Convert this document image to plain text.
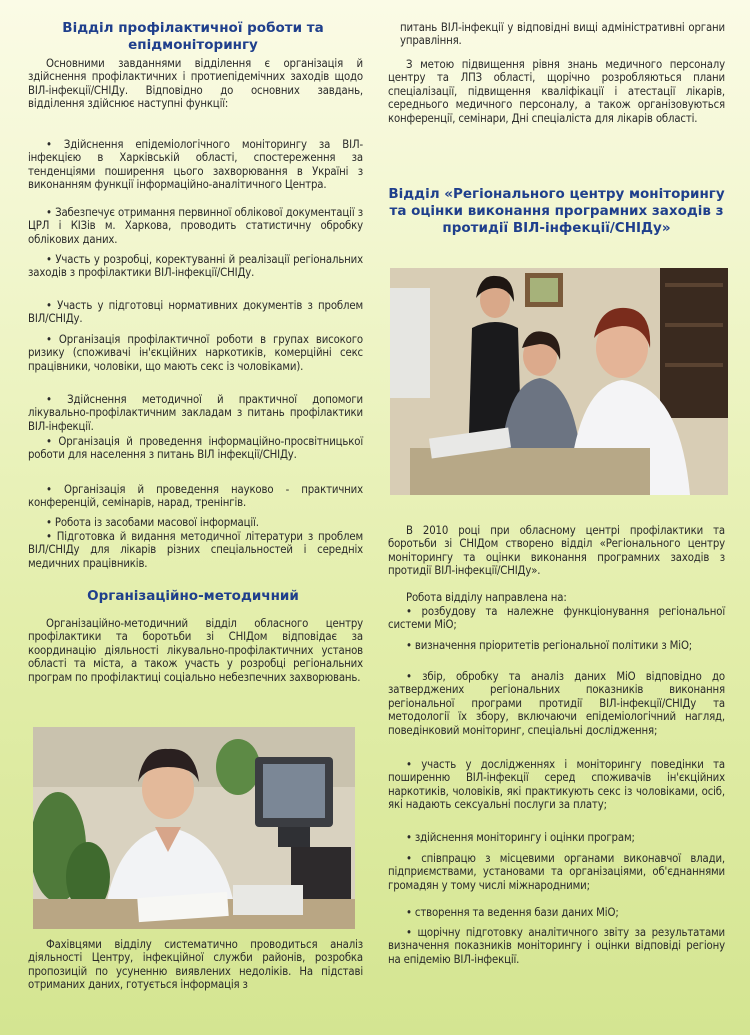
Відділ профілактичної роботи та епідмоніторингу

Основними завданнями відділення є організація й здійснення профілактичних і протиепідемічних заходів щодо ВІЛ-інфекції/СНІДу. Відповідно до основних завдань, відділення здійснює наступні функції:

• Здійснення епідеміологічного моніторингу за ВІЛ-інфекцією в Харківській області, спостереження за тенденціями поширення цього захворювання в Україні з виконанням функції інформаційно-аналітичного Центра.

• Забезпечує отримання первинної облікової документації з ЦРЛ і КІЗів м. Харкова, проводить статистичну обробку облікових даних.

• Участь у розробці, коректуванні й реалізації регіональних заходів з профілактики ВІЛ-інфекції/СНІДу.

• Участь у підготовці нормативних документів з проблем ВІЛ/СНІДу.

• Організація профілактичної роботи в групах високого ризику (споживачі ін'єкційних наркотиків, комерційні секс працівники, чоловіки, що мають секс із чоловіками).

• Здійснення методичної й практичної допомоги лікувально-профілактичним закладам з питань профілактики ВІЛ-інфекції.

• Організація й проведення інформаційно-просвітницької роботи для населення з питань ВІЛ інфекції/СНІДу.

• Організація й проведення науково - практичних конференцій, семінарів, нарад, тренінгів.

• Робота із засобами масової інформації.

• Підготовка й видання методичної літератури з проблем ВІЛ/СНІДу для лікарів різних спеціальностей і середніх медичних працівників.

Організаційно-методичний

Організаційно-методичний відділ обласного центру профілактики та боротьби зі СНІДом відповідає за координацію діяльності лікувально-профілактичних установ області та міста, а також участь у розробці регіональних програм по профілактиці соціально небезпечних захворювань.

Фахівцями відділу систематично проводиться аналіз діяльності Центру, інфекційної служби районів, розробка пропозицій по усуненню виявлених недоліків. На підставі отриманих даних, готується інформація з

питань ВІЛ-інфекції у відповідні вищі адміністративні органи управління.

З метою підвищення рівня знань медичного персоналу центру та ЛПЗ області, щорічно розробляються плани спеціалізації, підвищення кваліфікації і атестації лікарів, середнього медичного персоналу, а також організовуються конференції, семінари, Дні спеціаліста для лікарів області.

Відділ «Регіонального центру моніторингу та оцінки виконання програмних заходів з протидії ВІЛ-інфекції/СНІДу»

В 2010 році при обласному центрі профілактики та боротьби зі СНІДом створено відділ «Регіонального центру моніторингу та оцінки виконання програмних заходів з протидії ВІЛ-інфекції/СНІДу».

Робота відділу направлена на:

• розбудову та належне функціонування регіональної системи МіО;

• визначення пріоритетів регіональної політики з МіО;

• збір, обробку та аналіз даних МіО відповідно до затверджених регіональних показників виконання регіональної програми протидії ВІЛ-інфекції/СНІДу та методології їх збору, включаючи епідеміологічний нагляд, поведінковий моніторинг, спеціальні дослідження;

• участь у дослідженнях і моніторингу поведінки та поширенню ВІЛ-інфекції серед споживачів ін'єкційних наркотиків, чоловіків, які практикують секс із чоловіками, осіб, які надають сексуальні послуги за плату;

• здійснення моніторингу і оцінки програм;

• співпрацю з місцевими органами виконавчої влади, підприємствами, установами та організаціями, об'єднаннями громадян у тому числі міжнародними;

• створення та ведення бази даних МіО;

• щорічну підготовку аналітичного звіту за результатами визначення показників моніторингу і оцінки відповіді регіону на епідемію ВІЛ-інфекції.
